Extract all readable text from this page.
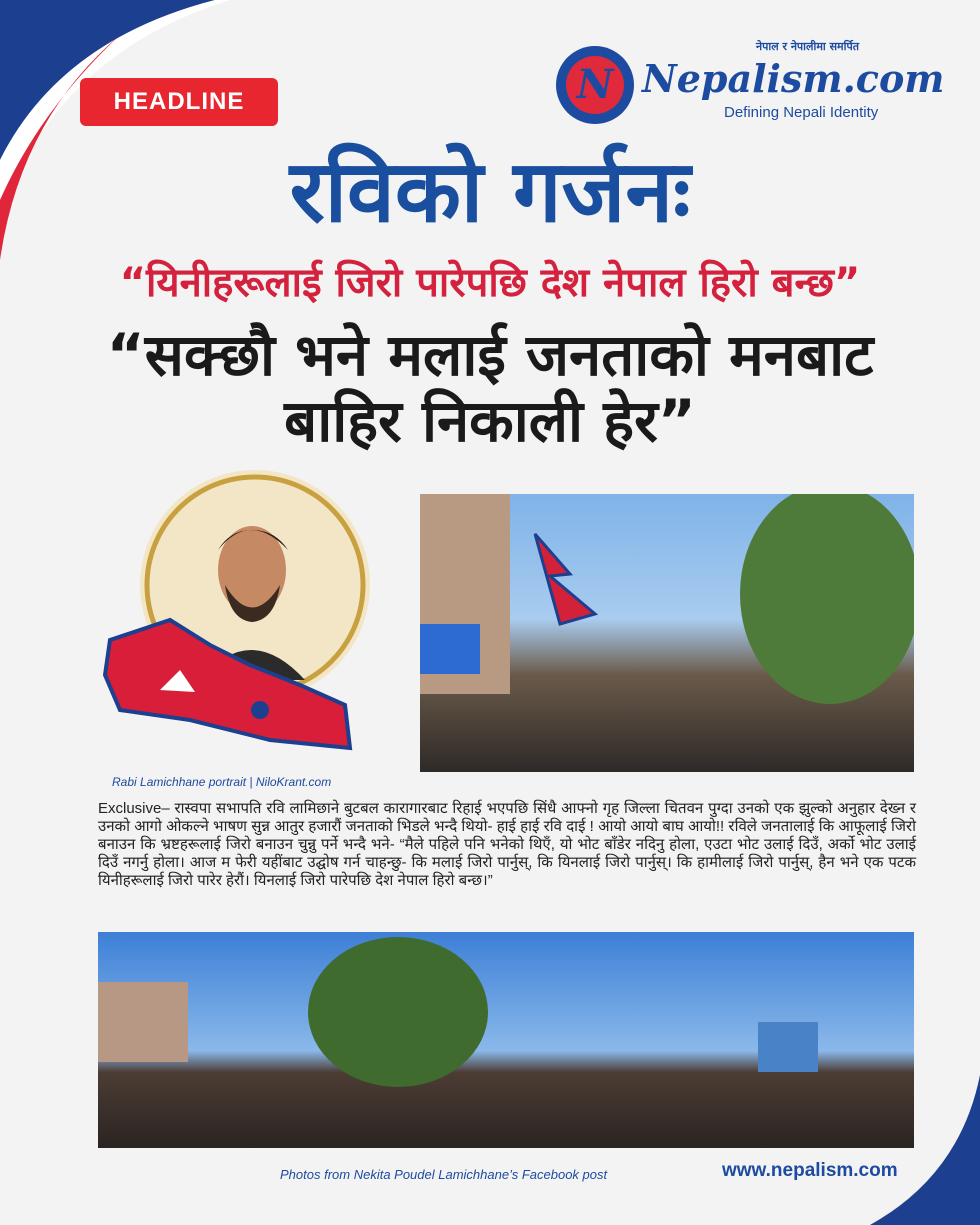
HEADLINE	N
नेपाल र नेपालीमा समर्पित
Nepalism.com
Defining Nepali Identity
रविको गर्जनः
“यिनीहरूलाई जिरो पारेपछि देश नेपाल हिरो बन्छ”
“सक्छौ भने मलाई जनताको मनबाट बाहिर निकाली हेर”
Rabi Lamichhane portrait | NiloKrant.com

Exclusive– रास्वपा सभापति रवि लामिछाने बुटबल कारागारबाट रिहाई भएपछि सिंधै आफ्नो गृह जिल्ला चितवन पुग्दा उनको एक झुल्को अनुहार देख्न र उनको आगो ओकल्ने भाषण सुन्न आतुर हजारौं जनताको भिडले भन्दै थियो- हाई हाई रवि दाई ! आयो आयो बाघ आयो!! रविले जनतालाई कि आफूलाई जिरो बनाउन कि भ्रष्टहरूलाई जिरो बनाउन चुन्नु पर्ने भन्दै भने- “मैले पहिले पनि भनेको थिएँ, यो भोट बाँडेर नदिनु होला, एउटा भोट उलाई दिउँ, अर्को भोट उलाई दिउँ नगर्नु होला। आज म फेरी यहींबाट उद्घोष गर्न चाहन्छु- कि मलाई जिरो पार्नुस्, कि यिनलाई जिरो पार्नुस्। कि हामीलाई जिरो पार्नुस्, हैन भने एक पटक यिनीहरूलाई जिरो पारेर हेरौं। यिनलाई जिरो पारेपछि देश नेपाल हिरो बन्छ।”

Photos from Nekita Poudel Lamichhane’s Facebook post	www.nepalism.com
